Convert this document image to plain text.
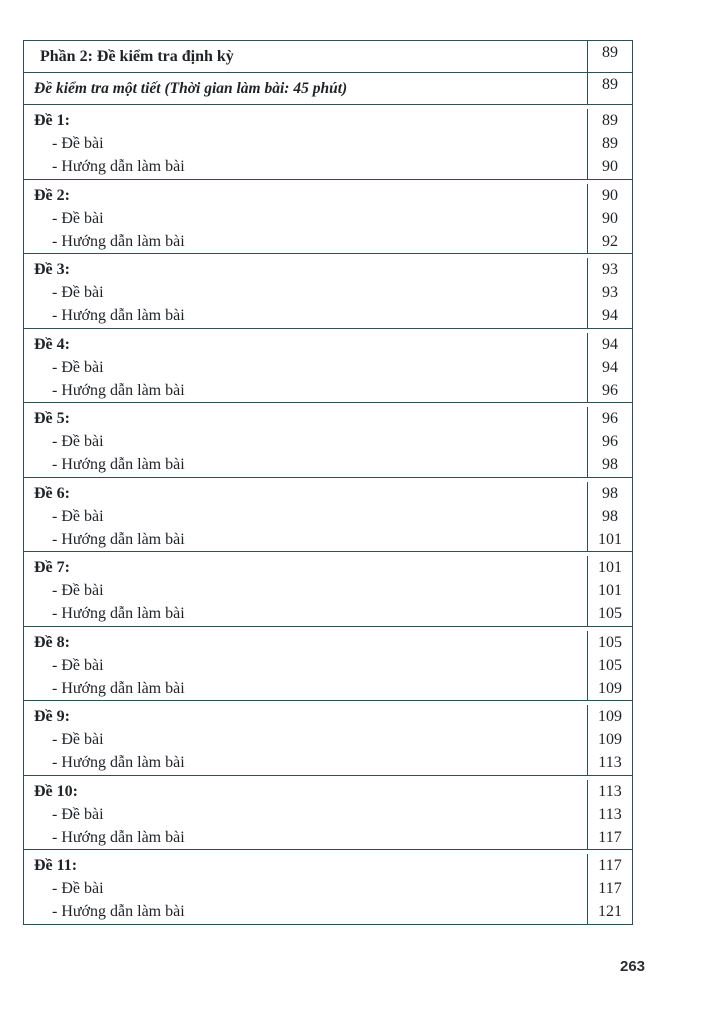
Phần 2: Đề kiểm tra định kỳ	89
Đề kiểm tra một tiết (Thời gian làm bài: 45 phút)	89
Đề 1:
- Đề bài
- Hướng dẫn làm bài
89
89
90
Đề 2:
- Đề bài
- Hướng dẫn làm bài
90
90
92
Đề 3:
- Đề bài
- Hướng dẫn làm bài
93
93
94
Đề 4:
- Đề bài
- Hướng dẫn làm bài
94
94
96
Đề 5:
- Đề bài
- Hướng dẫn làm bài
96
96
98
Đề 6:
- Đề bài
- Hướng dẫn làm bài
98
98
101
Đề 7:
- Đề bài
- Hướng dẫn làm bài
101
101
105
Đề 8:
- Đề bài
- Hướng dẫn làm bài
105
105
109
Đề 9:
- Đề bài
- Hướng dẫn làm bài
109
109
113
Đề 10:
- Đề bài
- Hướng dẫn làm bài
113
113
117
Đề 11:
- Đề bài
- Hướng dẫn làm bài
117
117
121
263
